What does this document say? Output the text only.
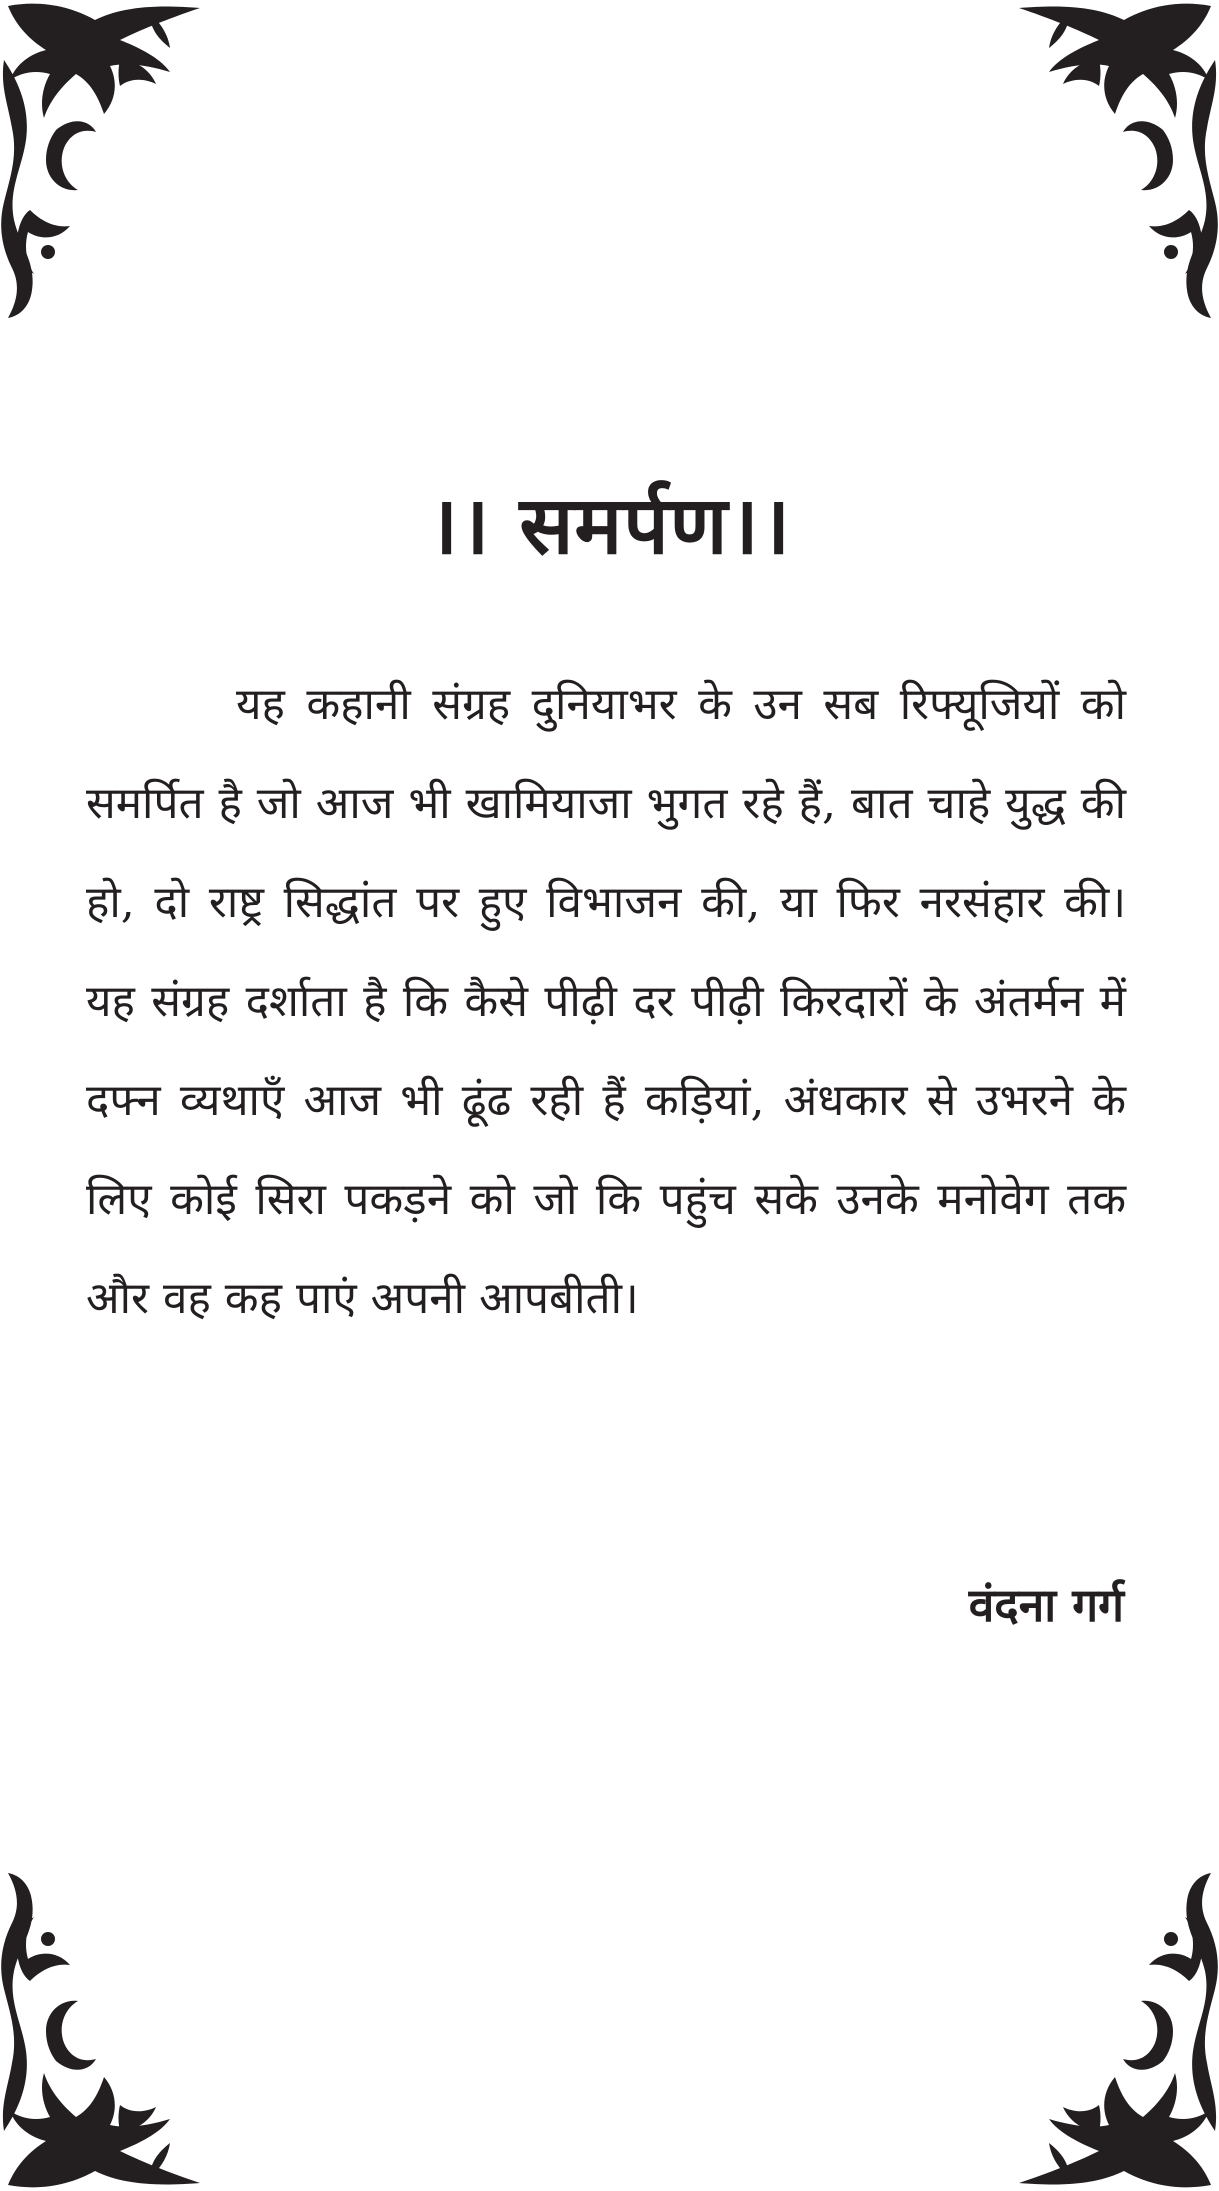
।। समर्पण।।

यह कहानी संग्रह दुनियाभर के उन सब रिफ्यूजियों को समर्पित है जो आज भी खामियाजा भुगत रहे हैं, बात चाहे युद्ध की हो, दो राष्ट्र सिद्धांत पर हुए विभाजन की, या फिर नरसंहार की। यह संग्रह दर्शाता है कि कैसे पीढ़ी दर पीढ़ी किरदारों के अंतर्मन में दफ्न व्यथाएँ आज भी ढूंढ रही हैं कड़ियां, अंधकार से उभरने के लिए कोई सिरा पकड़ने को जो कि पहुंच सके उनके मनोवेग तक और वह कह पाएं अपनी आपबीती।

वंदना गर्ग
